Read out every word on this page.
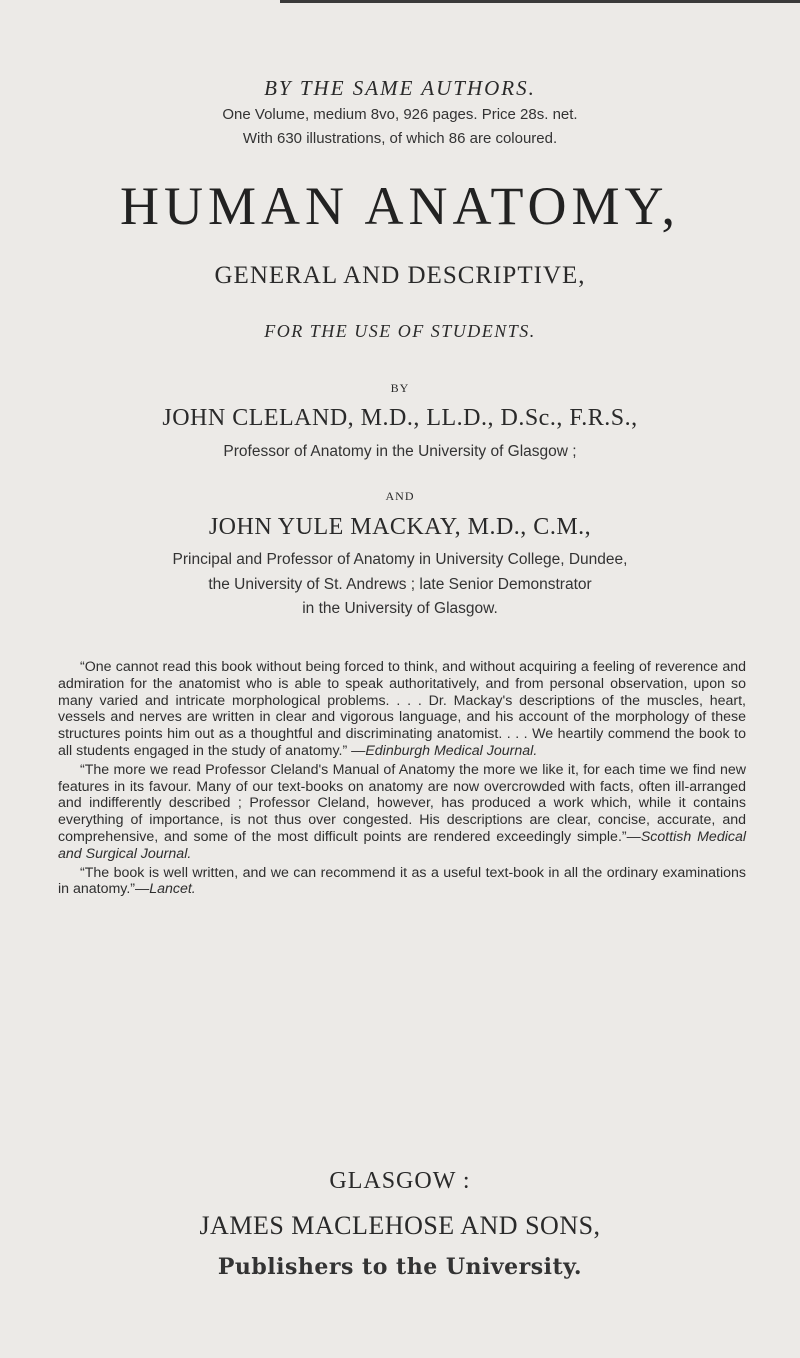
BY THE SAME AUTHORS.
One Volume, medium 8vo, 926 pages. Price 28s. net.
With 630 illustrations, of which 86 are coloured.
HUMAN ANATOMY,
GENERAL AND DESCRIPTIVE,
FOR THE USE OF STUDENTS.
BY
JOHN CLELAND, M.D., LL.D., D.Sc., F.R.S.,
Professor of Anatomy in the University of Glasgow ;
AND
JOHN YULE MACKAY, M.D., C.M.,
Principal and Professor of Anatomy in University College, Dundee,
the University of St. Andrews ; late Senior Demonstrator
in the University of Glasgow.

“One cannot read this book without being forced to think, and without acquiring a feeling of reverence and admiration for the anatomist who is able to speak authoritatively, and from personal observation, upon so many varied and intricate morphological problems. . . . Dr. Mackay's descriptions of the muscles, heart, vessels and nerves are written in clear and vigorous language, and his account of the morphology of these structures points him out as a thoughtful and discriminating anatomist. . . . We heartily commend the book to all students engaged in the study of anatomy.” —Edinburgh Medical Journal.

“The more we read Professor Cleland's Manual of Anatomy the more we like it, for each time we find new features in its favour. Many of our text-books on anatomy are now overcrowded with facts, often ill-arranged and indifferently described ; Professor Cleland, however, has produced a work which, while it contains everything of importance, is not thus over congested. His descriptions are clear, concise, accurate, and comprehensive, and some of the most difficult points are rendered exceedingly simple.”—Scottish Medical and Surgical Journal.

“The book is well written, and we can recommend it as a useful text-book in all the ordinary examinations in anatomy.”—Lancet.

GLASGOW :
JAMES MACLEHOSE AND SONS,
Publishers to the University.
